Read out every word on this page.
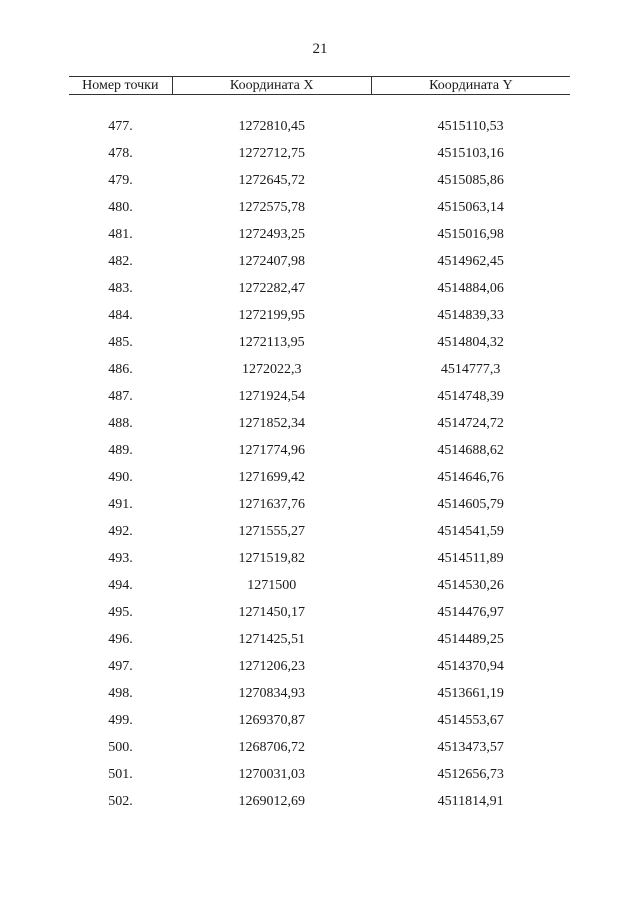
21
Номер точки	Координата X	Координата Y

477.	1272810,45	4515110,53
478.	1272712,75	4515103,16
479.	1272645,72	4515085,86
480.	1272575,78	4515063,14
481.	1272493,25	4515016,98
482.	1272407,98	4514962,45
483.	1272282,47	4514884,06
484.	1272199,95	4514839,33
485.	1272113,95	4514804,32
486.	1272022,3	4514777,3
487.	1271924,54	4514748,39
488.	1271852,34	4514724,72
489.	1271774,96	4514688,62
490.	1271699,42	4514646,76
491.	1271637,76	4514605,79
492.	1271555,27	4514541,59
493.	1271519,82	4514511,89
494.	1271500	4514530,26
495.	1271450,17	4514476,97
496.	1271425,51	4514489,25
497.	1271206,23	4514370,94
498.	1270834,93	4513661,19
499.	1269370,87	4514553,67
500.	1268706,72	4513473,57
501.	1270031,03	4512656,73
502.	1269012,69	4511814,91
